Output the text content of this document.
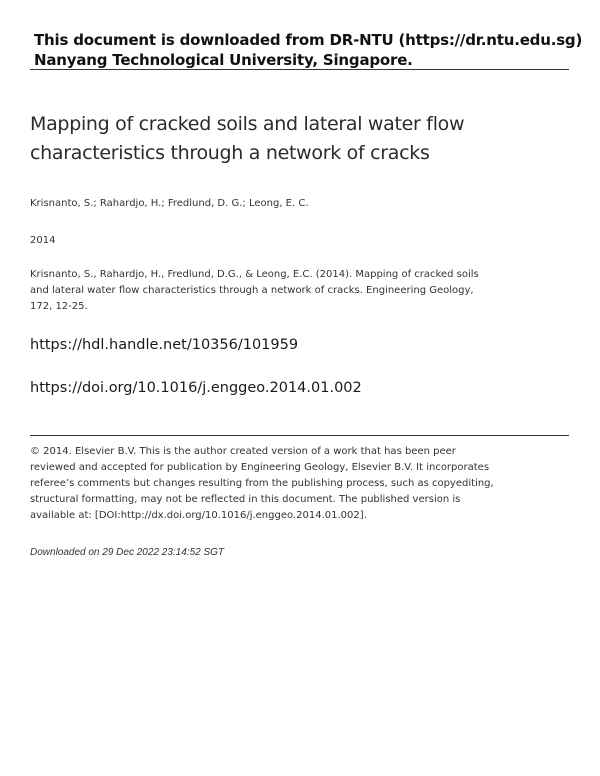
This document is downloaded from DR-NTU (https://dr.ntu.edu.sg)
Nanyang Technological University, Singapore.
Mapping of cracked soils and lateral water flow characteristics through a network of cracks
Krisnanto, S.; Rahardjo, H.; Fredlund, D. G.; Leong, E. C.
2014
Krisnanto, S., Rahardjo, H., Fredlund, D.G., & Leong, E.C. (2014). Mapping of cracked soils and lateral water flow characteristics through a network of cracks. Engineering Geology, 172, 12-25.
https://hdl.handle.net/10356/101959
https://doi.org/10.1016/j.enggeo.2014.01.002
© 2014. Elsevier B.V. This is the author created version of a work that has been peer reviewed and accepted for publication by Engineering Geology, Elsevier B.V. It incorporates referee’s comments but changes resulting from the publishing process, such as copyediting, structural formatting, may not be reflected in this document. The published version is available at: [DOI:http://dx.doi.org/10.1016/j.enggeo.2014.01.002].
Downloaded on 29 Dec 2022 23:14:52 SGT
